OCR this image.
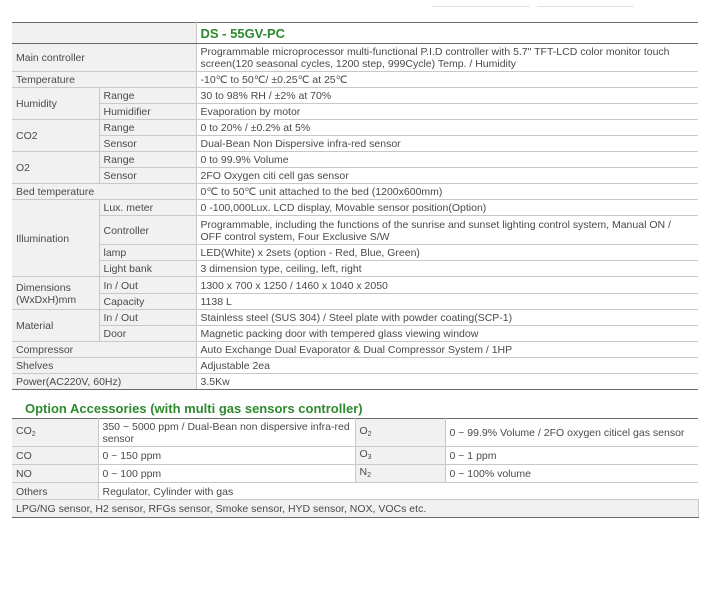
		DS - 55GV-PC
Main controller		Programmable microprocessor multi-functional P.I.D controller with 5.7" TFT-LCD color monitor touch screen(120 seasonal cycles, 1200 step, 999Cycle) Temp. / Humidity
Temperature		-10℃ to 50℃/ ±0.25℃ at 25℃
Humidity	Range	30 to 98% RH / ±2% at 70%
	Humidifier	Evaporation by motor
CO2	Range	0 to 20% / ±0.2% at 5%
	Sensor	Dual-Bean Non Dispersive infra-red sensor
O2	Range	0 to 99.9% Volume
	Sensor	2FO Oxygen citi cell gas sensor
Bed temperature		0℃ to 50℃ unit attached to the bed (1200x600mm)
Illumination	Lux. meter	0 -100,000Lux. LCD display, Movable sensor position(Option)
	Controller	Programmable, including the functions of the sunrise and sunset lighting control system, Manual ON / OFF control system, Four Exclusive S/W
	lamp	LED(White) x 2sets (option - Red, Blue, Green)
	Light bank	3 dimension type, ceiling, left, right

Dimensions
(WxDxH)mm	In / Out	1300 x 700 x 1250 / 1460 x 1040 x 2050
	Capacity	1138 L
Material	In / Out	Stainless steel (SUS 304) / Steel plate with powder coating(SCP-1)
	Door	Magnetic packing door with tempered glass viewing window
Compressor		Auto Exchange Dual Evaporator & Dual Compressor System / 1HP
Shelves		Adjustable 2ea
Power(AC220V, 60Hz)		3.5Kw
Option Accessories (with multi gas sensors controller)
$CO_2$	350 ~ 5000 ppm / Dual-Bean non dispersive infra-red sensor	$O_2$	0 ~ 99.9% Volume / 2FO oxygen citicel gas sensor
CO	0 ~ 150 ppm	$O_3$	0 ~ 1 ppm
NO	0 ~ 100 ppm	$N_2$	0 ~ 100% volume
Others	Regulator, Cylinder with gas		
LPG/NG sensor, H2 sensor, RFGs sensor, Smoke sensor, HYD sensor, NOX, VOCs etc.			
